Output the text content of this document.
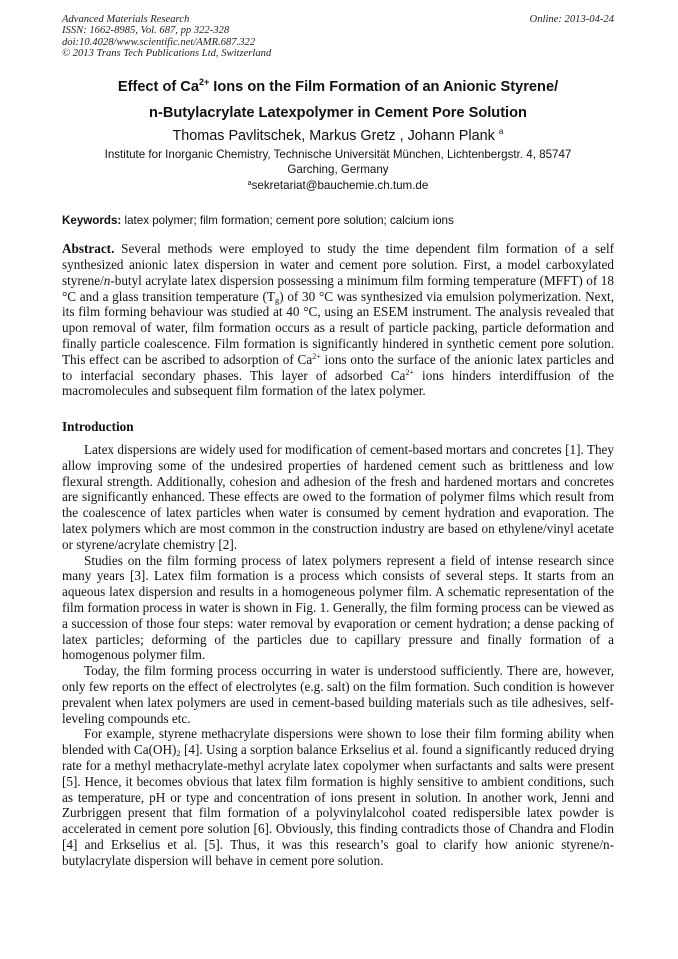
Advanced Materials Research
ISSN: 1662-8985, Vol. 687, pp 322-328
doi:10.4028/www.scientific.net/AMR.687.322
© 2013 Trans Tech Publications Ltd, Switzerland
Online: 2013-04-24
Effect of $Ca^{2+}$ Ions on the Film Formation of an Anionic Styrene/
n-Butylacrylate Latexpolymer in Cement Pore Solution
Thomas Pavlitschek, Markus Gretz , Johann Plank $^a$
Institute for Inorganic Chemistry, Technische Universität München, Lichtenbergstr. 4, 85747
Garching, Germany
$^a$sekretariat@bauchemie.ch.tum.de
Keywords: latex polymer; film formation; cement pore solution; calcium ions

Abstract. Several methods were employed to study the time dependent film formation of a self synthesized anionic latex dispersion in water and cement pore solution. First, a model carboxylated styrene/n-butyl acrylate latex dispersion possessing a minimum film forming temperature (MFFT) of 18 °C and a glass transition temperature $(T_g)$ of 30 °C was synthesized via emulsion polymerization. Next, its film forming behaviour was studied at 40 °C, using an ESEM instrument. The analysis revealed that upon removal of water, film formation occurs as a result of particle packing, particle deformation and finally particle coalescence. Film formation is significantly hindered in synthetic cement pore solution. This effect can be ascribed to adsorption of $Ca^{2+}$ ions onto the surface of the anionic latex particles and to interfacial secondary phases. This layer of adsorbed $Ca^{2+}$ ions hinders interdiffusion of the macromolecules and subsequent film formation of the latex polymer.

Introduction

Latex dispersions are widely used for modification of cement-based mortars and concretes [1]. They allow improving some of the undesired properties of hardened cement such as brittleness and low flexural strength. Additionally, cohesion and adhesion of the fresh and hardened mortars and concretes are significantly enhanced. These effects are owed to the formation of polymer films which result from the coalescence of latex particles when water is consumed by cement hydration and evaporation. The latex polymers which are most common in the construction industry are based on ethylene/vinyl acetate or styrene/acrylate chemistry [2].

Studies on the film forming process of latex polymers represent a field of intense research since many years [3]. Latex film formation is a process which consists of several steps. It starts from an aqueous latex dispersion and results in a homogeneous polymer film. A schematic representation of the film formation process in water is shown in Fig. 1. Generally, the film forming process can be viewed as a succession of those four steps: water removal by evaporation or cement hydration; a dense packing of latex particles; deforming of the particles due to capillary pressure and finally formation of a homogenous polymer film.

Today, the film forming process occurring in water is understood sufficiently. There are, however, only few reports on the effect of electrolytes (e.g. salt) on the film formation. Such condition is however prevalent when latex polymers are used in cement-based building materials such as tile adhesives, self-leveling compounds etc.

For example, styrene methacrylate dispersions were shown to lose their film forming ability when blended with $Ca(OH)_2$ [4]. Using a sorption balance Erkselius et al. found a significantly reduced drying rate for a methyl methacrylate-methyl acrylate latex copolymer when surfactants and salts were present [5]. Hence, it becomes obvious that latex film formation is highly sensitive to ambient conditions, such as temperature, pH or type and concentration of ions present in solution. In another work, Jenni and Zurbriggen present that film formation of a polyvinylalcohol coated redispersible latex powder is accelerated in cement pore solution [6]. Obviously, this finding contradicts those of Chandra and Flodin [4] and Erkselius et al. [5]. Thus, it was this research’s goal to clarify how anionic styrene/n-butylacrylate dispersion will behave in cement pore solution.
